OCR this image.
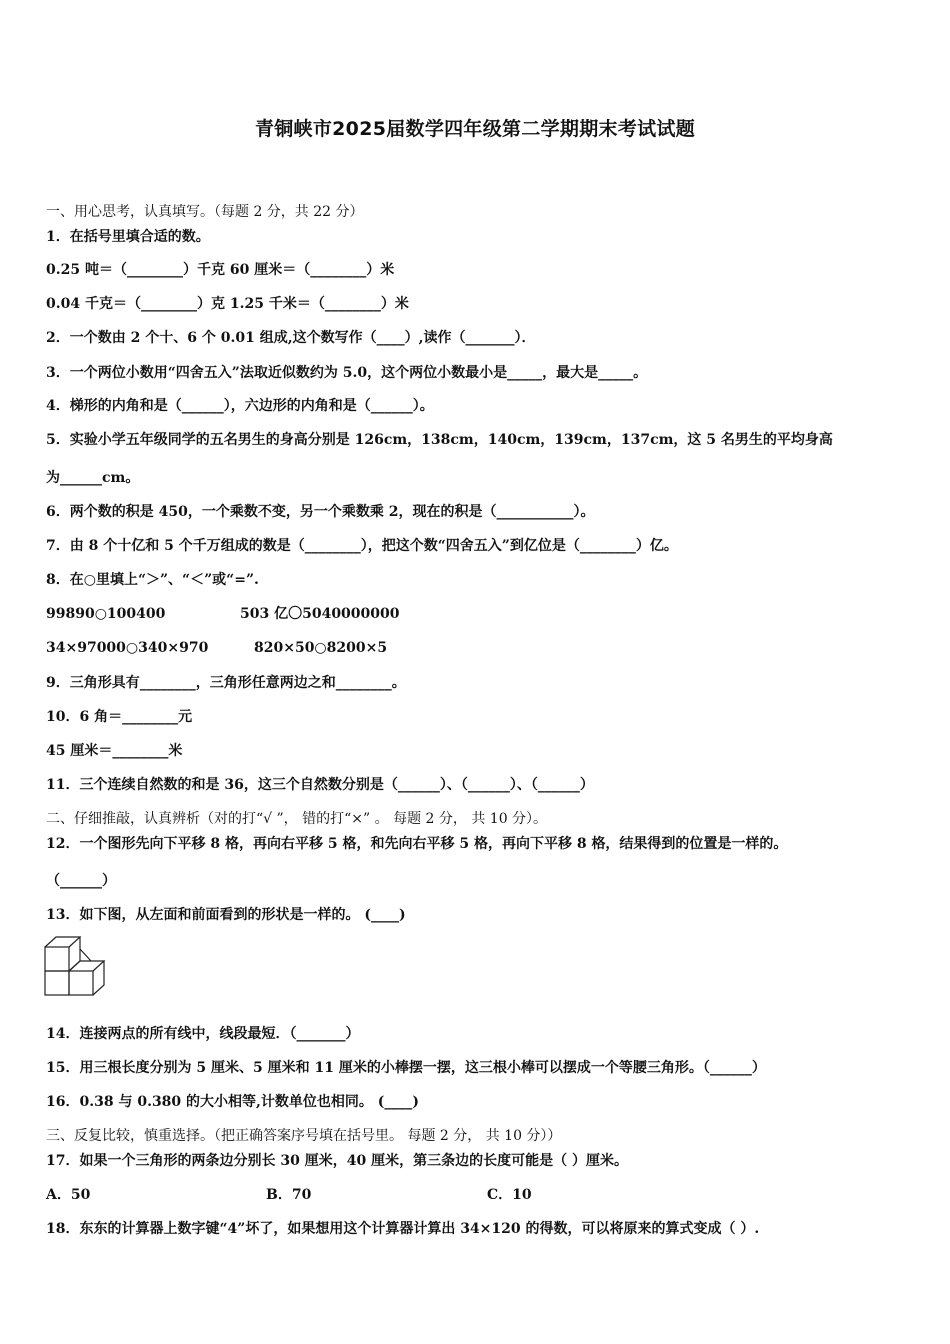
青铜峡市2025届数学四年级第二学期期末考试试题
一、用心思考，认真填写。（每题 2 分，共 22 分）
1．在括号里填合适的数。
0.25 吨＝（________）千克 60 厘米＝（________）米
0.04 千克＝（________）克 1.25 千米＝（________）米
2．一个数由 2 个十、6 个 0.01 组成,这个数写作（____）,读作（_______）．
3．一个两位小数用“四舍五入”法取近似数约为 5.0，这个两位小数最小是_____，最大是_____。
4．梯形的内角和是（______），六边形的内角和是（______）。
5．实验小学五年级同学的五名男生的身高分别是 126cm，138cm，140cm，139cm，137cm，这 5 名男生的平均身高
为______cm。
6．两个数的积是 450，一个乘数不变，另一个乘数乘 2，现在的积是（___________）。
7．由 8 个十亿和 5 个千万组成的数是（________），把这个数“四舍五入”到亿位是（________）亿。
8．在○里填上“＞”、“＜”或“=”.
99890○100400	503 亿〇5040000000
34×97000○340×970	820×50○8200×5
9．三角形具有________，三角形任意两边之和________。
10．6 角＝________元
45 厘米＝________米
11．三个连续自然数的和是 36，这三个自然数分别是（______）、（______）、（______）
二、仔细推敲，认真辨析（对的打“√ ”， 错的打“×” 。 每题 2 分， 共 10 分）。
12．一个图形先向下平移 8 格，再向右平移 5 格，和先向右平移 5 格，再向下平移 8 格，结果得到的位置是一样的。
（______）
13．如下图，从左面和前面看到的形状是一样的。 (____)
14．连接两点的所有线中，线段最短．（_______）
15．用三根长度分别为 5 厘米、5 厘米和 11 厘米的小棒摆一摆，这三根小棒可以摆成一个等腰三角形。（______）
16．0.38 与 0.380 的大小相等,计数单位也相同。 (____)
三、反复比较，慎重选择。（把正确答案序号填在括号里。 每题 2 分， 共 10 分））
17．如果一个三角形的两条边分别长 30 厘米，40 厘米，第三条边的长度可能是（ ）厘米。
A．50	B．70	C．10
18．东东的计算器上数字键“4”坏了，如果想用这个计算器计算出 34×120 的得数，可以将原来的算式变成（ ）.
